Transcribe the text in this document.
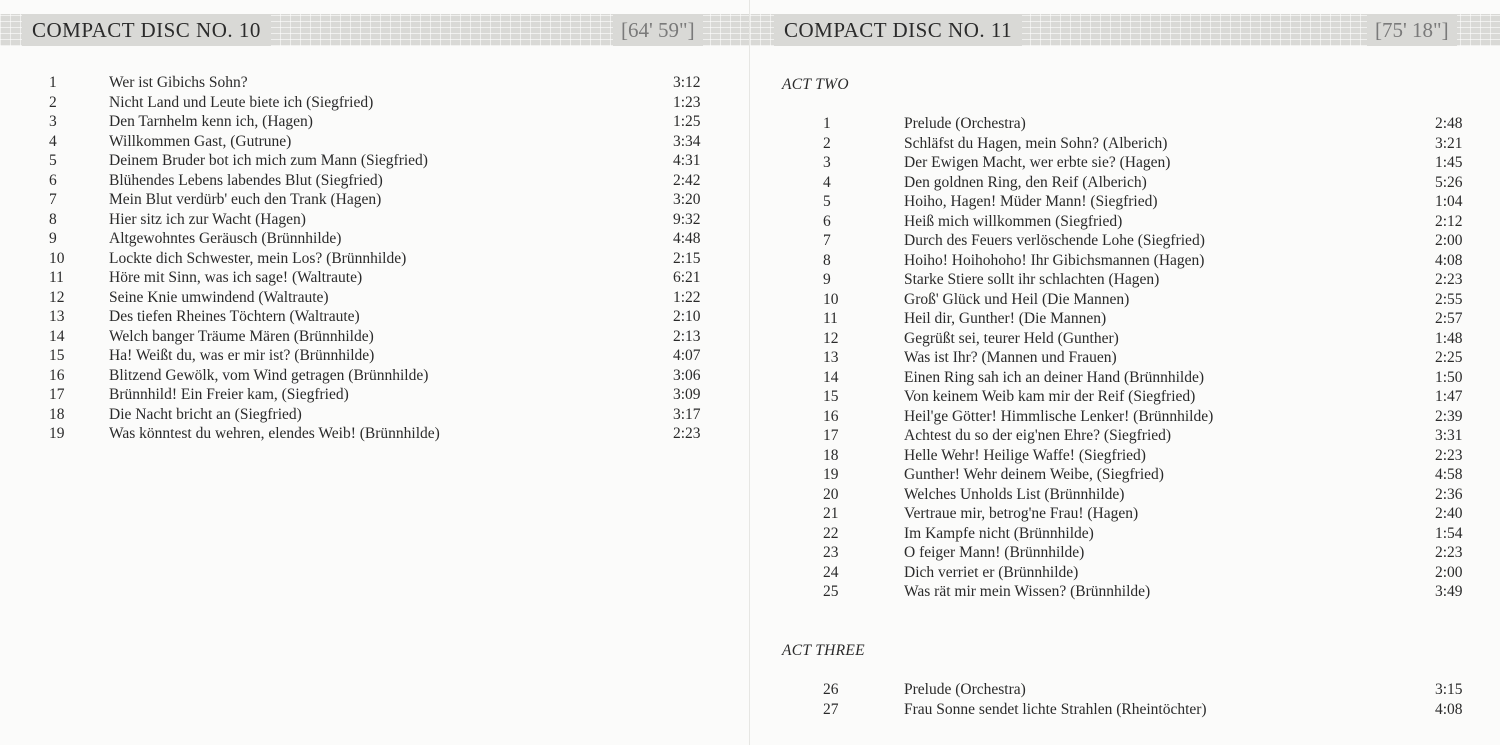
COMPACT DISC NO. 10	[64' 59"]
1	Wer ist Gibichs Sohn?	3:12
2	Nicht Land und Leute biete ich (Siegfried)	1:23
3	Den Tarnhelm kenn ich, (Hagen)	1:25
4	Willkommen Gast, (Gutrune)	3:34
5	Deinem Bruder bot ich mich zum Mann (Siegfried)	4:31
6	Blühendes Lebens labendes Blut (Siegfried)	2:42
7	Mein Blut verdürb' euch den Trank (Hagen)	3:20
8	Hier sitz ich zur Wacht (Hagen)	9:32
9	Altgewohntes Geräusch (Brünnhilde)	4:48
10	Lockte dich Schwester, mein Los? (Brünnhilde)	2:15
11	Höre mit Sinn, was ich sage! (Waltraute)	6:21
12	Seine Knie umwindend (Waltraute)	1:22
13	Des tiefen Rheines Töchtern (Waltraute)	2:10
14	Welch banger Träume Mären (Brünnhilde)	2:13
15	Ha! Weißt du, was er mir ist? (Brünnhilde)	4:07
16	Blitzend Gewölk, vom Wind getragen (Brünnhilde)	3:06
17	Brünnhild! Ein Freier kam, (Siegfried)	3:09
18	Die Nacht bricht an (Siegfried)	3:17
19	Was könntest du wehren, elendes Weib! (Brünnhilde)	2:23
COMPACT DISC NO. 11	[75' 18"]
ACT TWO
1	Prelude (Orchestra)	2:48
2	Schläfst du Hagen, mein Sohn? (Alberich)	3:21
3	Der Ewigen Macht, wer erbte sie? (Hagen)	1:45
4	Den goldnen Ring, den Reif (Alberich)	5:26
5	Hoiho, Hagen! Müder Mann! (Siegfried)	1:04
6	Heiß mich willkommen (Siegfried)	2:12
7	Durch des Feuers verlöschende Lohe (Siegfried)	2:00
8	Hoiho! Hoihohoho! Ihr Gibichsmannen (Hagen)	4:08
9	Starke Stiere sollt ihr schlachten (Hagen)	2:23
10	Groß' Glück und Heil (Die Mannen)	2:55
11	Heil dir, Gunther! (Die Mannen)	2:57
12	Gegrüßt sei, teurer Held (Gunther)	1:48
13	Was ist Ihr? (Mannen und Frauen)	2:25
14	Einen Ring sah ich an deiner Hand (Brünnhilde)	1:50
15	Von keinem Weib kam mir der Reif (Siegfried)	1:47
16	Heil'ge Götter! Himmlische Lenker! (Brünnhilde)	2:39
17	Achtest du so der eig'nen Ehre? (Siegfried)	3:31
18	Helle Wehr! Heilige Waffe! (Siegfried)	2:23
19	Gunther! Wehr deinem Weibe, (Siegfried)	4:58
20	Welches Unholds List (Brünnhilde)	2:36
21	Vertraue mir, betrog'ne Frau! (Hagen)	2:40
22	Im Kampfe nicht (Brünnhilde)	1:54
23	O feiger Mann! (Brünnhilde)	2:23
24	Dich verriet er (Brünnhilde)	2:00
25	Was rät mir mein Wissen? (Brünnhilde)	3:49
ACT THREE
26	Prelude (Orchestra)	3:15
27	Frau Sonne sendet lichte Strahlen (Rheintöchter)	4:08
